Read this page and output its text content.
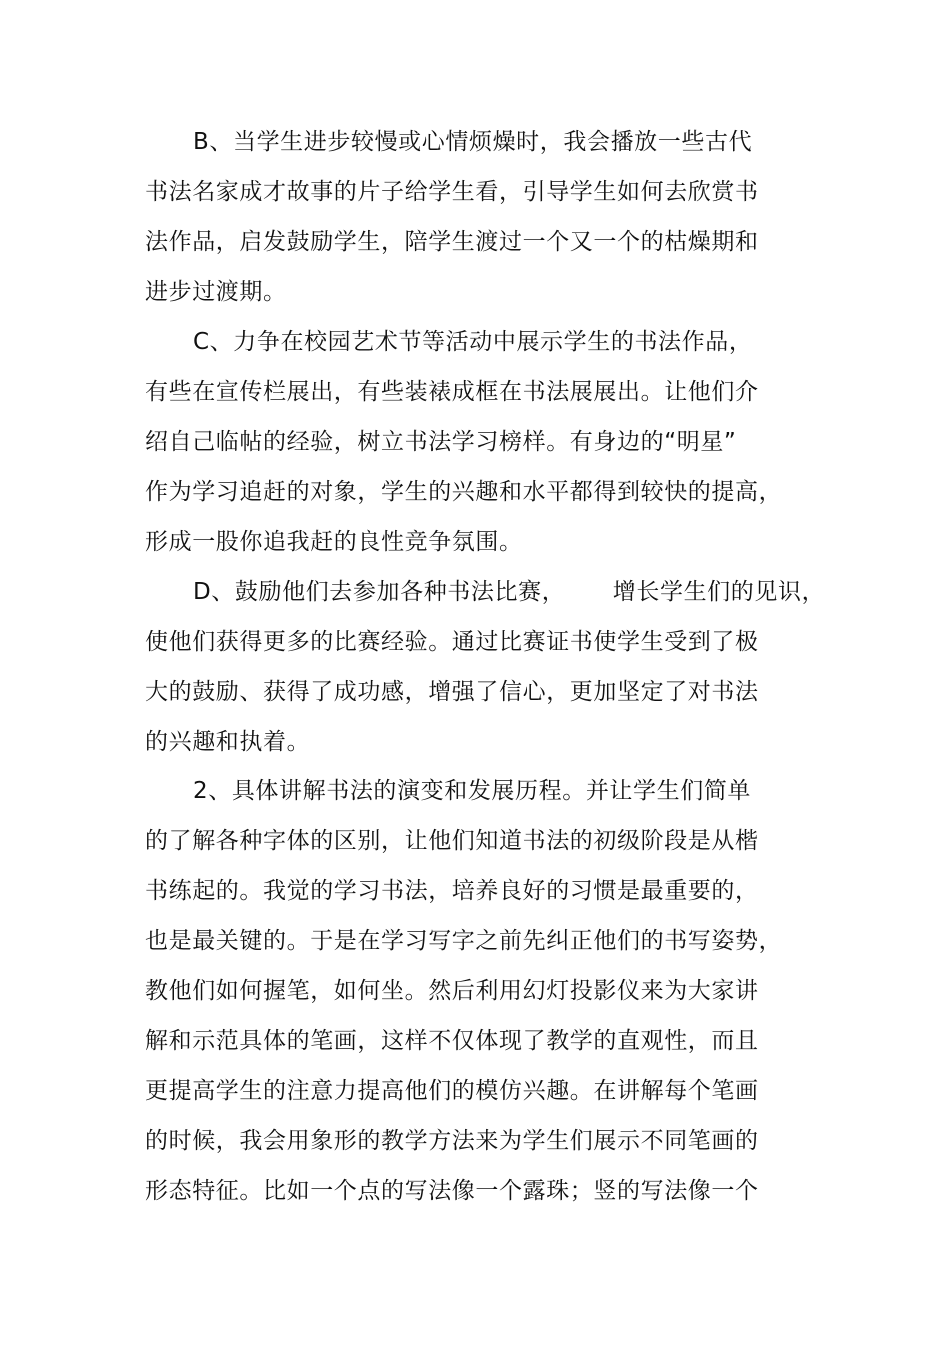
B、当学生进步较慢或心情烦燥时，我会播放一些古代
书法名家成才故事的片子给学生看，引导学生如何去欣赏书
法作品，启发鼓励学生，陪学生渡过一个又一个的枯燥期和
进步过渡期。
C、力争在校园艺术节等活动中展示学生的书法作品，
有些在宣传栏展出，有些装裱成框在书法展展出。让他们介
绍自己临帖的经验，树立书法学习榜样。有身边的“明星”
作为学习追赶的对象，学生的兴趣和水平都得到较快的提高，
形成一股你追我赶的良性竞争氛围。
D、鼓励他们去参加各种书法比赛，      增长学生们的见识，
使他们获得更多的比赛经验。通过比赛证书使学生受到了极
大的鼓励、获得了成功感，增强了信心，更加坚定了对书法
的兴趣和执着。
2、具体讲解书法的演变和发展历程。并让学生们简单
的了解各种字体的区别，让他们知道书法的初级阶段是从楷
书练起的。我觉的学习书法，培养良好的习惯是最重要的，
也是最关键的。于是在学习写字之前先纠正他们的书写姿势，
教他们如何握笔，如何坐。然后利用幻灯投影仪来为大家讲
解和示范具体的笔画，这样不仅体现了教学的直观性，而且
更提高学生的注意力提高他们的模仿兴趣。在讲解每个笔画
的时候，我会用象形的教学方法来为学生们展示不同笔画的
形态特征。比如一个点的写法像一个露珠；竖的写法像一个
